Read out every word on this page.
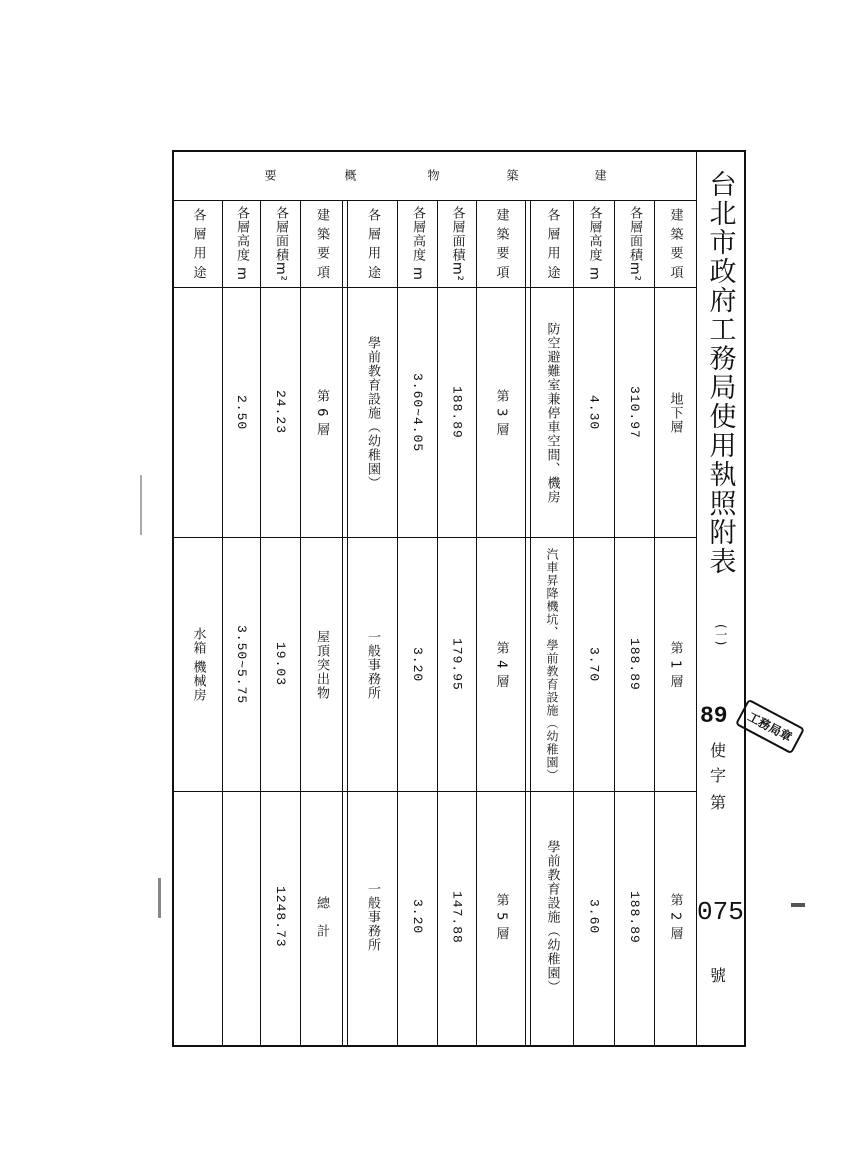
建
築
物
概
要	台北市政府工務局使用執照附表
(一)
89
使
字
第
075
號
工務局章
建 築 要 項
各層面積m²
各層高度 m
各 層 用 途
地下層
310.97
4.30
防空避難室兼停車空間、機房
第 1 層
188.89
3.70
汽車昇降機坑、學前教育設施（幼稚園）
第 2 層
188.89
3.60
學前教育設施（幼稚園）
建 築 要 項
各層面積m²
各層高度 m
各 層 用 途
第 3 層
188.89
3.60~4.05
學前教育設施（幼稚園）
第 4 層
179.95
3.20
一般事務所
第 5 層
147.88
3.20
一般事務所
建 築 要 項
各層面積m²
各層高度 m
各 層 用 途
第 6 層
24.23
2.50
屋頂突出物
19.03
3.50~5.75
水箱 機械房
總　計
1248.73
